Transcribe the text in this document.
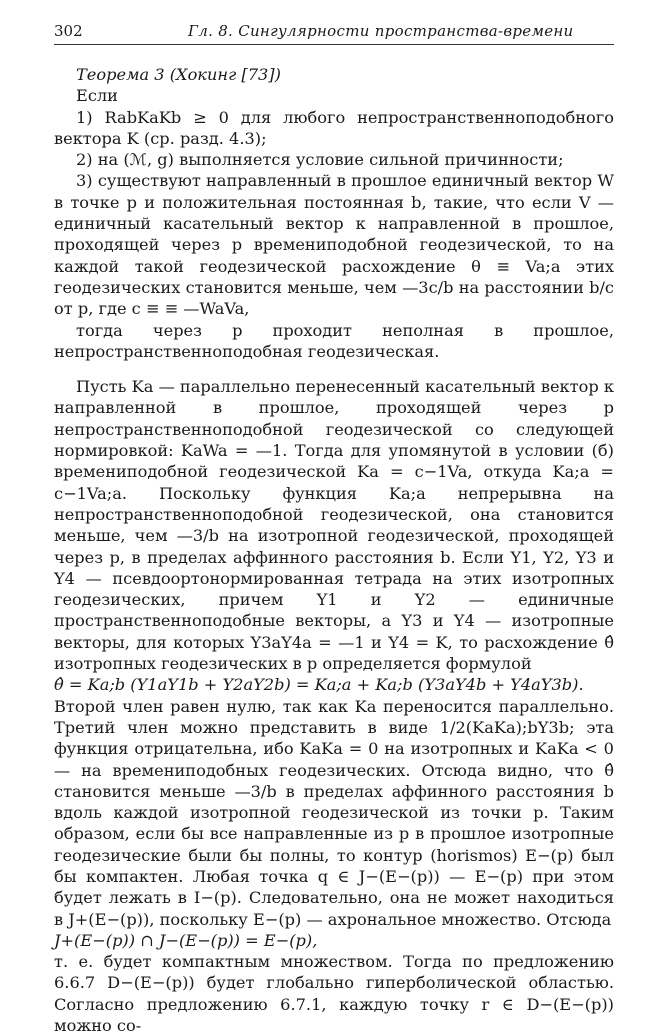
302	Гл. 8. Сингулярности пространства-времени

Теорема 3 (Хокинг [73])

Если

1) RabKaKb ≥ 0 для любого непространственноподобного вектора K (ср. разд. 4.3);

2) на (ℳ, g) выполняется условие сильной причинности;

3) существуют направленный в прошлое единичный вектор W в точке p и положительная постоянная b, такие, что если V — единичный касательный вектор к направленной в прошлое, проходящей через p времениподобной геодезической, то на каждой такой геодезической расхождение θ ≡ Va;a этих геодезических становится меньше, чем —3c/b на расстоянии b/c от p, где c ≡ ≡ —WaVa,

тогда через p проходит неполная в прошлое, непространственноподобная геодезическая.

Пусть Ka — параллельно перенесенный касательный вектор к направленной в прошлое, проходящей через p непространственноподобной геодезической со следующей нормировкой: KaWa = —1. Тогда для упомянутой в условии (б) времениподобной геодезической Ka = c−1Va, откуда Ka;a = c−1Va;a. Поскольку функция Ka;a непрерывна на непространственноподобной геодезической, она становится меньше, чем —3/b на изотропной геодезической, проходящей через p, в пределах аффинного расстояния b. Если Y1, Y2, Y3 и Y4 — псевдоортонормированная тетрада на этих изотропных геодезических, причем Y1 и Y2 — единичные пространственноподобные векторы, а Y3 и Y4 — изотропные векторы, для которых Y3aY4a = —1 и Y4 = K, то расхождение θ̂ изотропных геодезических в p определяется формулой

θ̂ = Ka;b (Y1aY1b + Y2aY2b) = Ka;a + Ka;b (Y3aY4b + Y4aY3b).

Второй член равен нулю, так как Ka переносится параллельно. Третий член можно представить в виде 1/2(KaKa);bY3b; эта функция отрицательна, ибо KaKa = 0 на изотропных и KaKa < 0 — на времениподобных геодезических. Отсюда видно, что θ̂ становится меньше —3/b в пределах аффинного расстояния b вдоль каждой изотропной геодезической из точки p. Таким образом, если бы все направленные из p в прошлое изотропные геодезические были бы полны, то контур (horismos) E−(p) был бы компактен. Любая точка q ∈ J−(E−(p)) — E−(p) при этом будет лежать в I−(p). Следовательно, она не может находиться в J+(E−(p)), поскольку E−(p) — ахрональное множество. Отсюда

J+(E−(p)) ∩ J−(E−(p)) = E−(p),

т. е. будет компактным множеством. Тогда по предложению 6.6.7 D−(E−(p)) будет глобально гиперболической областью. Согласно предложению 6.7.1, каждую точку r ∈ D−(E−(p)) можно со-
